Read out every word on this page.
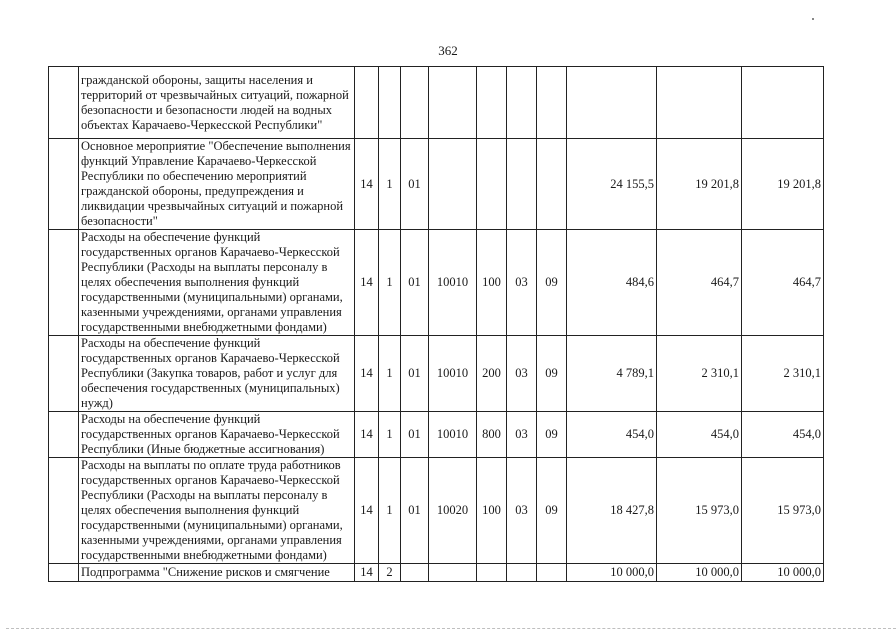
362
	гражданской обороны, защиты населения и территорий от чрезвычайных ситуаций, пожарной безопасности и безопасности людей на водных объектах Карачаево-Черкесской Республики"										
	Основное мероприятие "Обеспечение выполнения функций Управление Карачаево-Черкесской Республики по обеспечению мероприятий гражданской обороны, предупреждения и ликвидации чрезвычайных ситуаций и пожарной безопасности"	14	1	01					24 155,5	19 201,8	19 201,8
	Расходы на обеспечение функций государственных органов Карачаево-Черкесской Республики (Расходы на выплаты персоналу в целях обеспечения выполнения функций государственными (муниципальными) органами, казенными учреждениями, органами управления государственными внебюджетными фондами)	14	1	01	10010	100	03	09	484,6	464,7	464,7
	Расходы на обеспечение функций государственных органов Карачаево-Черкесской Республики (Закупка товаров, работ и услуг для обеспечения государственных (муниципальных) нужд)	14	1	01	10010	200	03	09	4 789,1	2 310,1	2 310,1
	Расходы на обеспечение функций государственных органов Карачаево-Черкесской Республики (Иные бюджетные ассигнования)	14	1	01	10010	800	03	09	454,0	454,0	454,0
	Расходы на выплаты по оплате труда работников государственных органов Карачаево-Черкесской Республики (Расходы на выплаты персоналу в целях обеспечения выполнения функций государственными (муниципальными) органами, казенными учреждениями, органами управления государственными внебюджетными фондами)	14	1	01	10020	100	03	09	18 427,8	15 973,0	15 973,0
	Подпрограмма "Снижение рисков и смягчение	14	2						10 000,0	10 000,0	10 000,0
